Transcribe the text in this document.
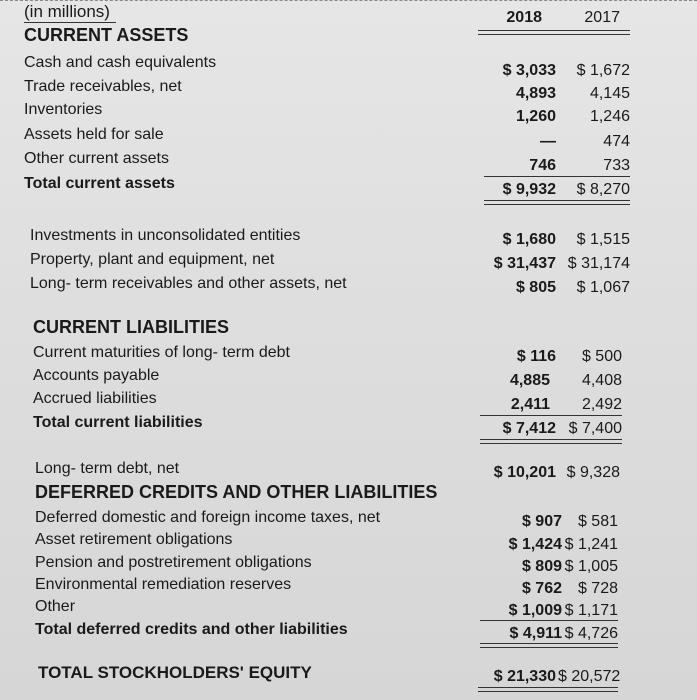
(in millions)	2018	2017
CURRENT ASSETS
Cash and cash equivalents	$ 3,033	$ 1,672
Trade receivables, net	4,893	4,145
Inventories	1,260	1,246
Assets held for sale	—	474
Other current assets	746	733
Total current assets	$ 9,932	$ 8,270
Investments in unconsolidated entities	$ 1,680	$ 1,515
Property, plant and equipment, net	$ 31,437 $ 31,174
Long- term receivables and other assets, net	$ 805	$ 1,067
CURRENT LIABILITIES
Current maturities of long- term debt	$ 116	$ 500
Accounts payable	4,885	4,408
Accrued liabilities	2,411	2,492
Total current liabilities	$ 7,412 $ 7,400
Long- term debt, net	$ 10,201 $ 9,328
DEFERRED CREDITS AND OTHER LIABILITIES
Deferred domestic and foreign income taxes, net	$ 907 $ 581
Asset retirement obligations	$ 1,424 $ 1,241
Pension and postretirement obligations	$ 809 $ 1,005
Environmental remediation reserves	$ 762 $ 728
Other	$ 1,009 $ 1,171
Total deferred credits and other liabilities	$ 4,911 $ 4,726
TOTAL STOCKHOLDERS' EQUITY	$ 21,330 $ 20,572
